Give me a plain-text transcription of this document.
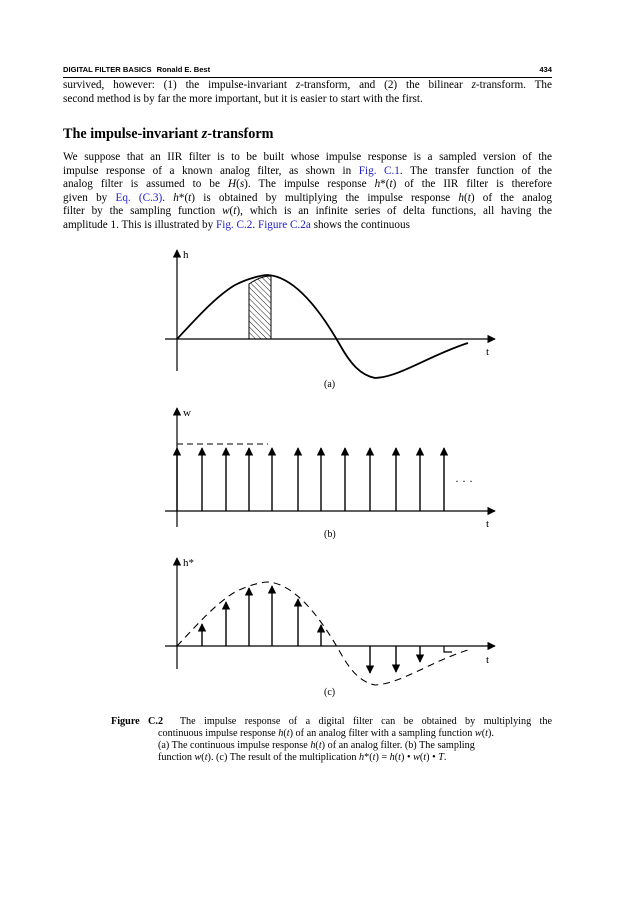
DIGITAL FILTER BASICS Ronald E. Best	434
survived, however: (1) the impulse-invariant z-transform, and (2) the bilinear z-transform. The
second method is by far the more important, but it is easier to start with the first.
The impulse-invariant z-transform
We suppose that an IIR filter is to be built whose impulse response is a sampled version of the
impulse response of a known analog filter, as shown in Fig. C.1. The transfer function of the
analog filter is assumed to be H(s). The impulse response h*(t) of the IIR filter is therefore
given by Eq. (C.3). h*(t) is obtained by multiplying the impulse response h(t) of the analog
filter by the sampling function w(t), which is an infinite series of delta functions, all having the
amplitude 1. This is illustrated by Fig. C.2. Figure C.2a shows the continuous
h
t
(a)
· · ·
w
t
(b)
h*
t
(c)
Figure C.2  The impulse response of a digital filter can be obtained by multiplying the
continuous impulse response h(t) of an analog filter with a sampling function w(t).
(a) The continuous impulse response h(t) of an analog filter. (b) The sampling
function w(t). (c) The result of the multiplication h*(t) = h(t) • w(t) • T.
